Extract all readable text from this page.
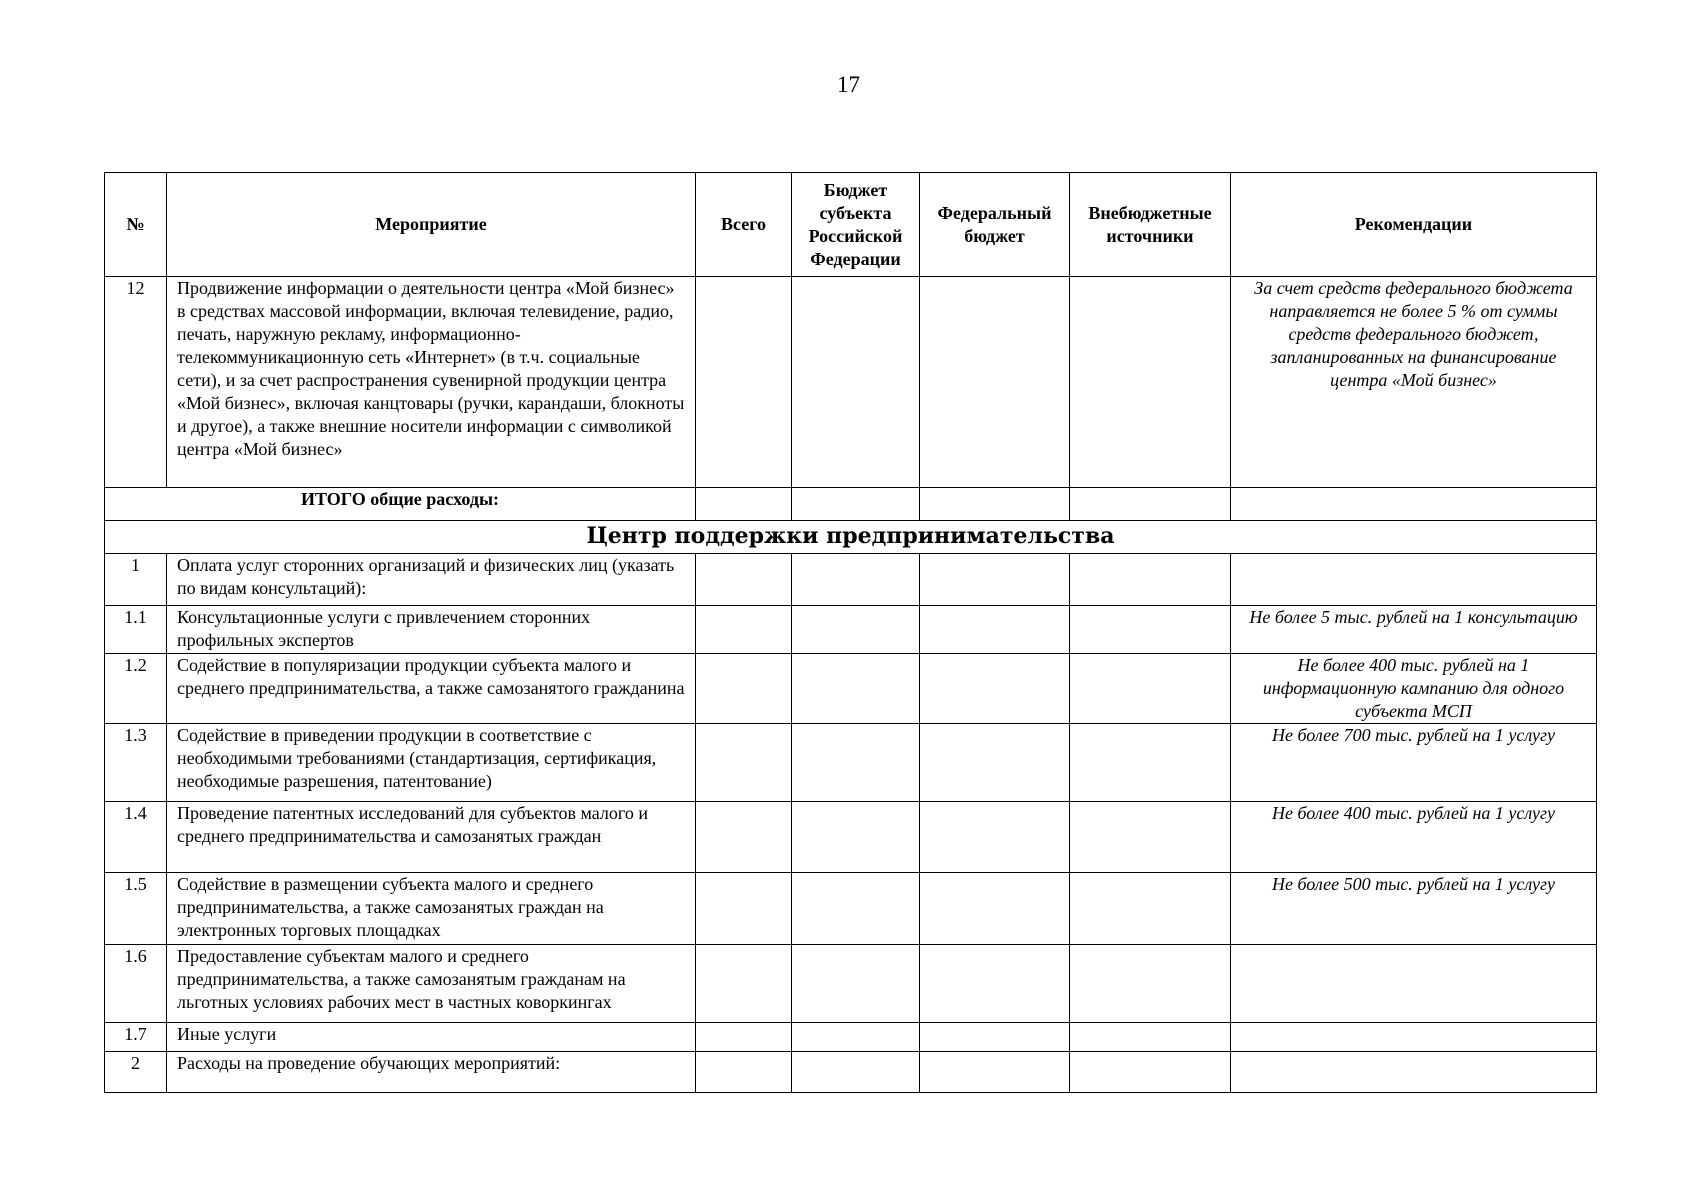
17
№	Мероприятие	Всего	Бюджет субъекта Российской Федерации	Федеральный бюджет	Внебюджетные источники	Рекомендации
12	Продвижение информации о деятельности центра «Мой бизнес» в средствах массовой информации, включая телевидение, радио, печать, наружную рекламу, информационно-телекоммуникационную сеть «Интернет» (в т.ч. социальные сети), и за счет распространения сувенирной продукции центра «Мой бизнес», включая канцтовары (ручки, карандаши, блокноты и другое), а также внешние носители информации с символикой центра «Мой бизнес»					За счет средств федерального бюджета направляется не более 5 % от суммы средств федерального бюджет, запланированных на финансирование центра «Мой бизнес»
ИТОГО общие расходы:						
Центр поддержки предпринимательства						
1	Оплата услуг сторонних организаций и физических лиц (указать по видам консультаций):					
1.1	Консультационные услуги с привлечением сторонних профильных экспертов					Не более 5 тыс. рублей на 1 консультацию
1.2	Содействие в популяризации продукции субъекта малого и среднего предпринимательства, а также самозанятого гражданина					Не более 400 тыс. рублей на 1 информационную кампанию для одного субъекта МСП
1.3	Содействие в приведении продукции в соответствие с необходимыми требованиями (стандартизация, сертификация, необходимые разрешения, патентование)					Не более 700 тыс. рублей на 1 услугу
1.4	Проведение патентных исследований для субъектов малого и среднего предпринимательства и самозанятых граждан					Не более 400 тыс. рублей на 1 услугу
1.5	Содействие в размещении субъекта малого и среднего предпринимательства, а также самозанятых граждан на электронных торговых площадках					Не более 500 тыс. рублей на 1 услугу
1.6	Предоставление субъектам малого и среднего предпринимательства, а также самозанятым гражданам на льготных условиях рабочих мест в частных коворкингах					
1.7	Иные услуги					
2	Расходы на проведение обучающих мероприятий:					
